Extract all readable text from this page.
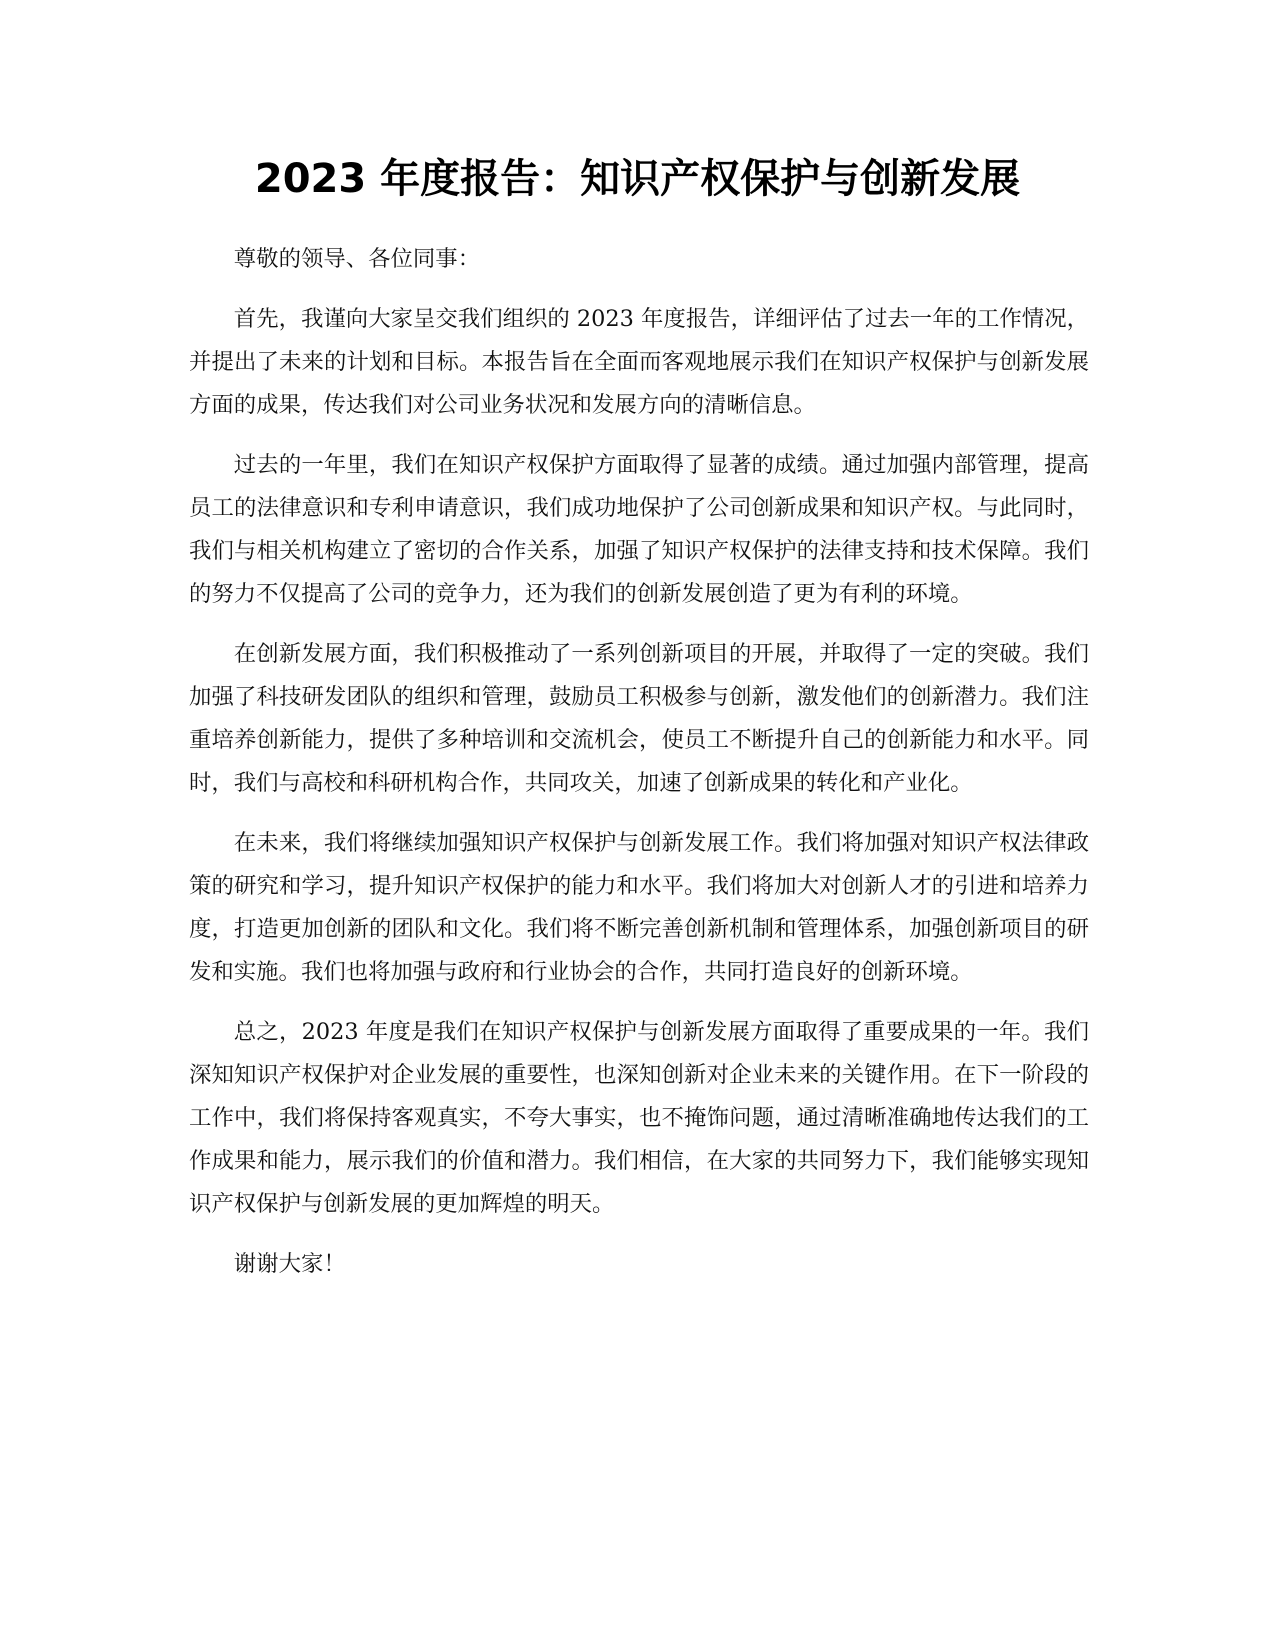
2023 年度报告：知识产权保护与创新发展

尊敬的领导、各位同事：

首先，我谨向大家呈交我们组织的 2023 年度报告，详细评估了过去一年的工作情况，并提出了未来的计划和目标。本报告旨在全面而客观地展示我们在知识产权保护与创新发展方面的成果，传达我们对公司业务状况和发展方向的清晰信息。

过去的一年里，我们在知识产权保护方面取得了显著的成绩。通过加强内部管理，提高员工的法律意识和专利申请意识，我们成功地保护了公司创新成果和知识产权。与此同时，我们与相关机构建立了密切的合作关系，加强了知识产权保护的法律支持和技术保障。我们的努力不仅提高了公司的竞争力，还为我们的创新发展创造了更为有利的环境。

在创新发展方面，我们积极推动了一系列创新项目的开展，并取得了一定的突破。我们加强了科技研发团队的组织和管理，鼓励员工积极参与创新，激发他们的创新潜力。我们注重培养创新能力，提供了多种培训和交流机会，使员工不断提升自己的创新能力和水平。同时，我们与高校和科研机构合作，共同攻关，加速了创新成果的转化和产业化。

在未来，我们将继续加强知识产权保护与创新发展工作。我们将加强对知识产权法律政策的研究和学习，提升知识产权保护的能力和水平。我们将加大对创新人才的引进和培养力度，打造更加创新的团队和文化。我们将不断完善创新机制和管理体系，加强创新项目的研发和实施。我们也将加强与政府和行业协会的合作，共同打造良好的创新环境。

总之，2023 年度是我们在知识产权保护与创新发展方面取得了重要成果的一年。我们深知知识产权保护对企业发展的重要性，也深知创新对企业未来的关键作用。在下一阶段的工作中，我们将保持客观真实，不夸大事实，也不掩饰问题，通过清晰准确地传达我们的工作成果和能力，展示我们的价值和潜力。我们相信，在大家的共同努力下，我们能够实现知识产权保护与创新发展的更加辉煌的明天。

谢谢大家！
